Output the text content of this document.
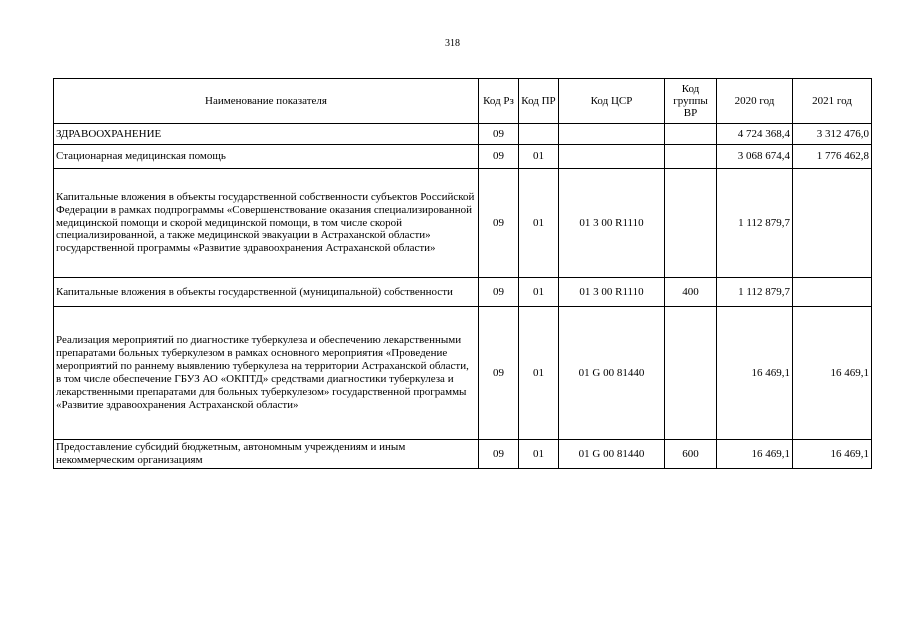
318
Наименование показателя	Код Рз	Код ПР	Код ЦСР	Код группы ВР	2020 год	2021 год
ЗДРАВООХРАНЕНИЕ	09				4 724 368,4	3 312 476,0
Стационарная медицинская помощь	09	01			3 068 674,4	1 776 462,8
Капитальные вложения в объекты государственной собственности субъектов Российской Федерации в рамках подпрограммы «Совершенствование оказания специализированной медицинской помощи и скорой медицинской помощи, в том числе скорой специализированной, а также медицинской эвакуации в Астраханской области» государственной программы «Развитие здравоохранения Астраханской области»	09	01	01 3 00 R1110		1 112 879,7	
Капитальные вложения в объекты государственной (муниципальной) собственности	09	01	01 3 00 R1110	400	1 112 879,7	
Реализация мероприятий по диагностике туберкулеза и обеспечению лекарственными препаратами больных туберкулезом в рамках основного мероприятия «Проведение мероприятий по раннему выявлению туберкулеза на территории Астраханской области, в том числе обеспечение ГБУЗ АО «ОКПТД» средствами диагностики туберкулеза и лекарственными препаратами для больных туберкулезом» государственной программы «Развитие здравоохранения Астраханской области»	09	01	01 G 00 81440		16 469,1	16 469,1
Предоставление субсидий бюджетным, автономным учреждениям и иным некоммерческим организациям	09	01	01 G 00 81440	600	16 469,1	16 469,1
